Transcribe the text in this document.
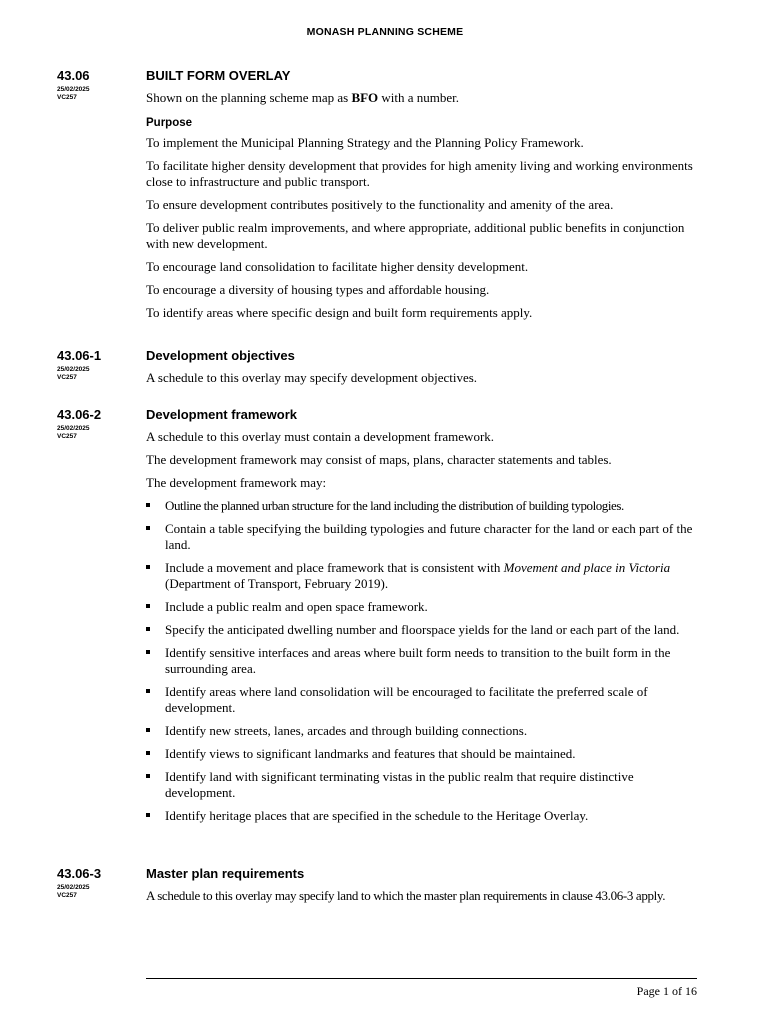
MONASH PLANNING SCHEME
43.06
25/02/2025
VC257
BUILT FORM OVERLAY

Shown on the planning scheme map as BFO with a number.

Purpose

To implement the Municipal Planning Strategy and the Planning Policy Framework.

To facilitate higher density development that provides for high amenity living and working environments close to infrastructure and public transport.

To ensure development contributes positively to the functionality and amenity of the area.

To deliver public realm improvements, and where appropriate, additional public benefits in conjunction with new development.

To encourage land consolidation to facilitate higher density development.

To encourage a diversity of housing types and affordable housing.

To identify areas where specific design and built form requirements apply.

43.06-1
25/02/2025
VC257
Development objectives

A schedule to this overlay may specify development objectives.

43.06-2
25/02/2025
VC257
Development framework

A schedule to this overlay must contain a development framework.

The development framework may consist of maps, plans, character statements and tables.

The development framework may:

Outline the planned urban structure for the land including the distribution of building typologies.
Contain a table specifying the building typologies and future character for the land or each part of the land.
Include a movement and place framework that is consistent with Movement and place in Victoria (Department of Transport, February 2019).
Include a public realm and open space framework.
Specify the anticipated dwelling number and floorspace yields for the land or each part of the land.
Identify sensitive interfaces and areas where built form needs to transition to the built form in the surrounding area.
Identify areas where land consolidation will be encouraged to facilitate the preferred scale of development.
Identify new streets, lanes, arcades and through building connections.
Identify views to significant landmarks and features that should be maintained.
Identify land with significant terminating vistas in the public realm that require distinctive development.
Identify heritage places that are specified in the schedule to the Heritage Overlay.
43.06-3
25/02/2025
VC257
Master plan requirements

A schedule to this overlay may specify land to which the master plan requirements in clause 43.06-3 apply.

Page 1 of 16
